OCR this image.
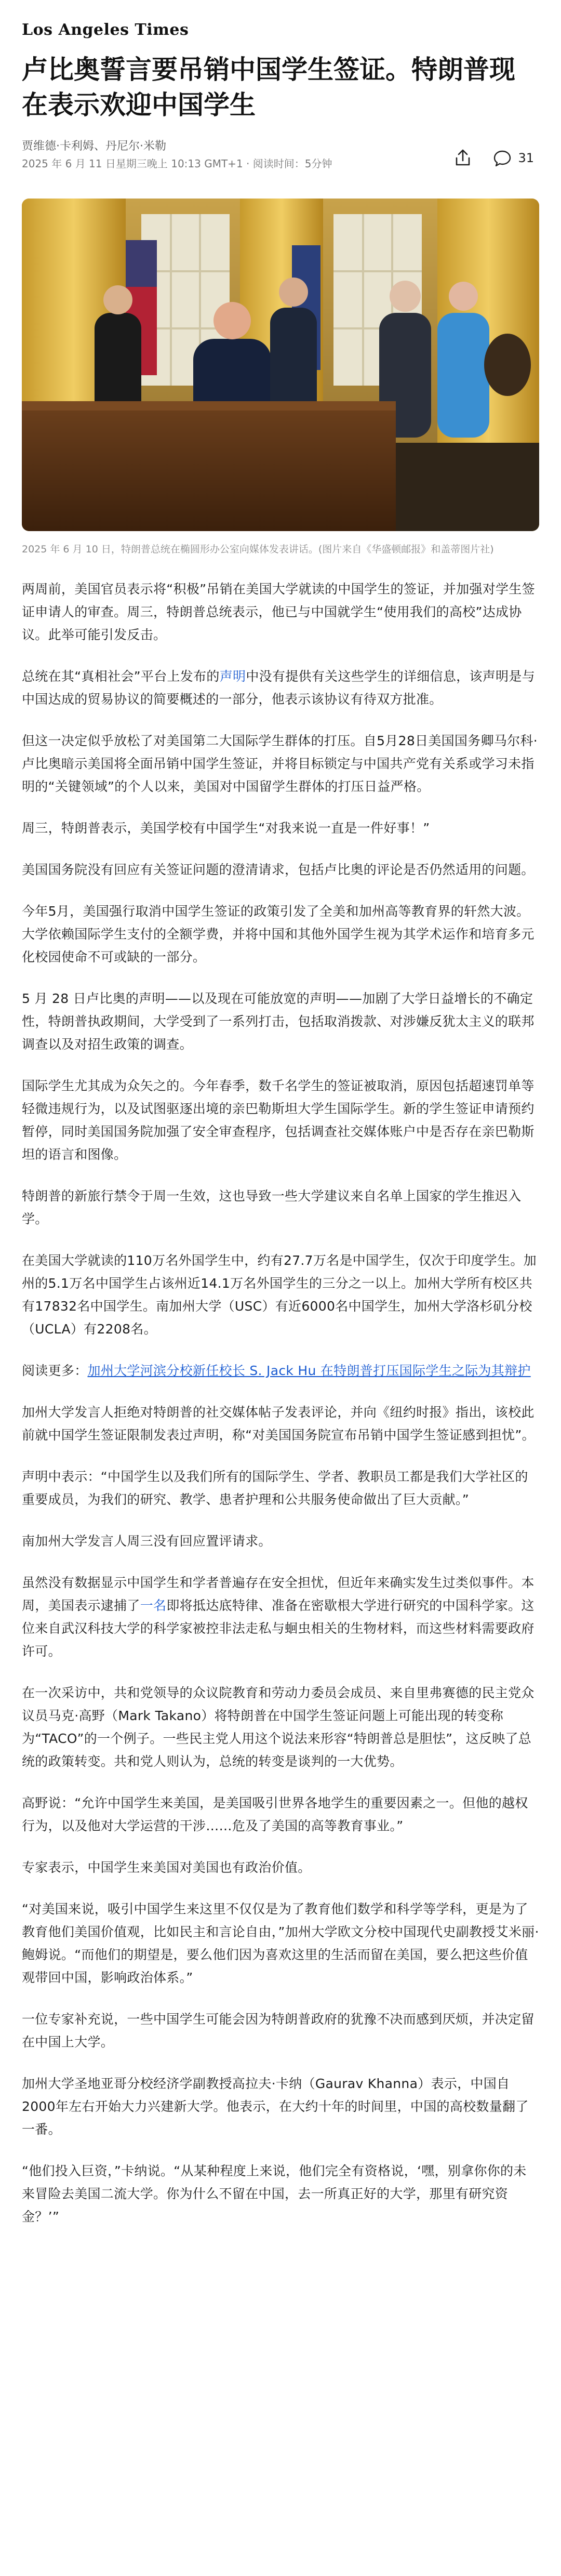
Los Angeles Times
卢比奥誓言要吊销中国学生签证。特朗普现在表示欢迎中国学生
贾维德·卡利姆、丹尼尔·米勒
2025 年 6 月 11 日星期三晚上 10:13 GMT+1 · 阅读时间：5分钟	31
2025 年 6 月 10 日，特朗普总统在椭圆形办公室向媒体发表讲话。(图片来自《华盛顿邮报》和盖蒂图片社)

两周前，美国官员表示将“积极”吊销在美国大学就读的中国学生的签证，并加强对学生签证申请人的审查。周三，特朗普总统表示，他已与中国就学生“使用我们的高校”达成协议。此举可能引发反击。

总统在其“真相社会”平台上发布的声明中没有提供有关这些学生的详细信息，该声明是与中国达成的贸易协议的简要概述的一部分，他表示该协议有待双方批准。

但这一决定似乎放松了对美国第二大国际学生群体的打压。自5月28日美国国务卿马尔科·卢比奥暗示美国将全面吊销中国学生签证，并将目标锁定与中国共产党有关系或学习未指明的“关键领域”的个人以来，美国对中国留学生群体的打压日益严格。

周三，特朗普表示，美国学校有中国学生“对我来说一直是一件好事！”

美国国务院没有回应有关签证问题的澄清请求，包括卢比奥的评论是否仍然适用的问题。

今年5月，美国强行取消中国学生签证的政策引发了全美和加州高等教育界的轩然大波。大学依赖国际学生支付的全额学费，并将中国和其他外国学生视为其学术运作和培育多元化校园使命不可或缺的一部分。

5 月 28 日卢比奥的声明——以及现在可能放宽的声明——加剧了大学日益增长的不确定性，特朗普执政期间，大学受到了一系列打击，包括取消拨款、对涉嫌反犹太主义的联邦调查以及对招生政策的调查。

国际学生尤其成为众矢之的。今年春季，数千名学生的签证被取消，原因包括超速罚单等轻微违规行为，以及试图驱逐出境的亲巴勒斯坦大学生国际学生。新的学生签证申请预约暂停，同时美国国务院加强了安全审查程序，包括调查社交媒体账户中是否存在亲巴勒斯坦的语言和图像。

特朗普的新旅行禁令于周一生效，这也导致一些大学建议来自名单上国家的学生推迟入学。

在美国大学就读的110万名外国学生中，约有27.7万名是中国学生，仅次于印度学生。加州的5.1万名中国学生占该州近14.1万名外国学生的三分之一以上。加州大学所有校区共有17832名中国学生。南加州大学（USC）有近6000名中国学生，加州大学洛杉矶分校（UCLA）有2208名。

阅读更多：加州大学河滨分校新任校长 S. Jack Hu 在特朗普打压国际学生之际为其辩护

加州大学发言人拒绝对特朗普的社交媒体帖子发表评论，并向《纽约时报》指出，该校此前就中国学生签证限制发表过声明，称“对美国国务院宣布吊销中国学生签证感到担忧”。

声明中表示：“中国学生以及我们所有的国际学生、学者、教职员工都是我们大学社区的重要成员，为我们的研究、教学、患者护理和公共服务使命做出了巨大贡献。”

南加州大学发言人周三没有回应置评请求。

虽然没有数据显示中国学生和学者普遍存在安全担忧，但近年来确实发生过类似事件。本周，美国表示逮捕了一名即将抵达底特律、准备在密歇根大学进行研究的中国科学家。这位来自武汉科技大学的科学家被控非法走私与蛔虫相关的生物材料，而这些材料需要政府许可。

在一次采访中，共和党领导的众议院教育和劳动力委员会成员、来自里弗赛德的民主党众议员马克·高野（Mark Takano）将特朗普在中国学生签证问题上可能出现的转变称为“TACO”的一个例子。一些民主党人用这个说法来形容“特朗普总是胆怯”，这反映了总统的政策转变。共和党人则认为，总统的转变是谈判的一大优势。

高野说：“允许中国学生来美国，是美国吸引世界各地学生的重要因素之一。但他的越权行为，以及他对大学运营的干涉……危及了美国的高等教育事业。”

专家表示，中国学生来美国对美国也有政治价值。

“对美国来说，吸引中国学生来这里不仅仅是为了教育他们数学和科学等学科，更是为了教育他们美国价值观，比如民主和言论自由，”加州大学欧文分校中国现代史副教授艾米丽·鲍姆说。“而他们的期望是，要么他们因为喜欢这里的生活而留在美国，要么把这些价值观带回中国，影响政治体系。”

一位专家补充说，一些中国学生可能会因为特朗普政府的犹豫不决而感到厌烦，并决定留在中国上大学。

加州大学圣地亚哥分校经济学副教授高拉夫·卡纳（Gaurav Khanna）表示，中国自2000年左右开始大力兴建新大学。他表示，在大约十年的时间里，中国的高校数量翻了一番。

“他们投入巨资，”卡纳说。“从某种程度上来说，他们完全有资格说，‘嘿，别拿你你的未来冒险去美国二流大学。你为什么不留在中国，去一所真正好的大学，那里有研究资金？’”
